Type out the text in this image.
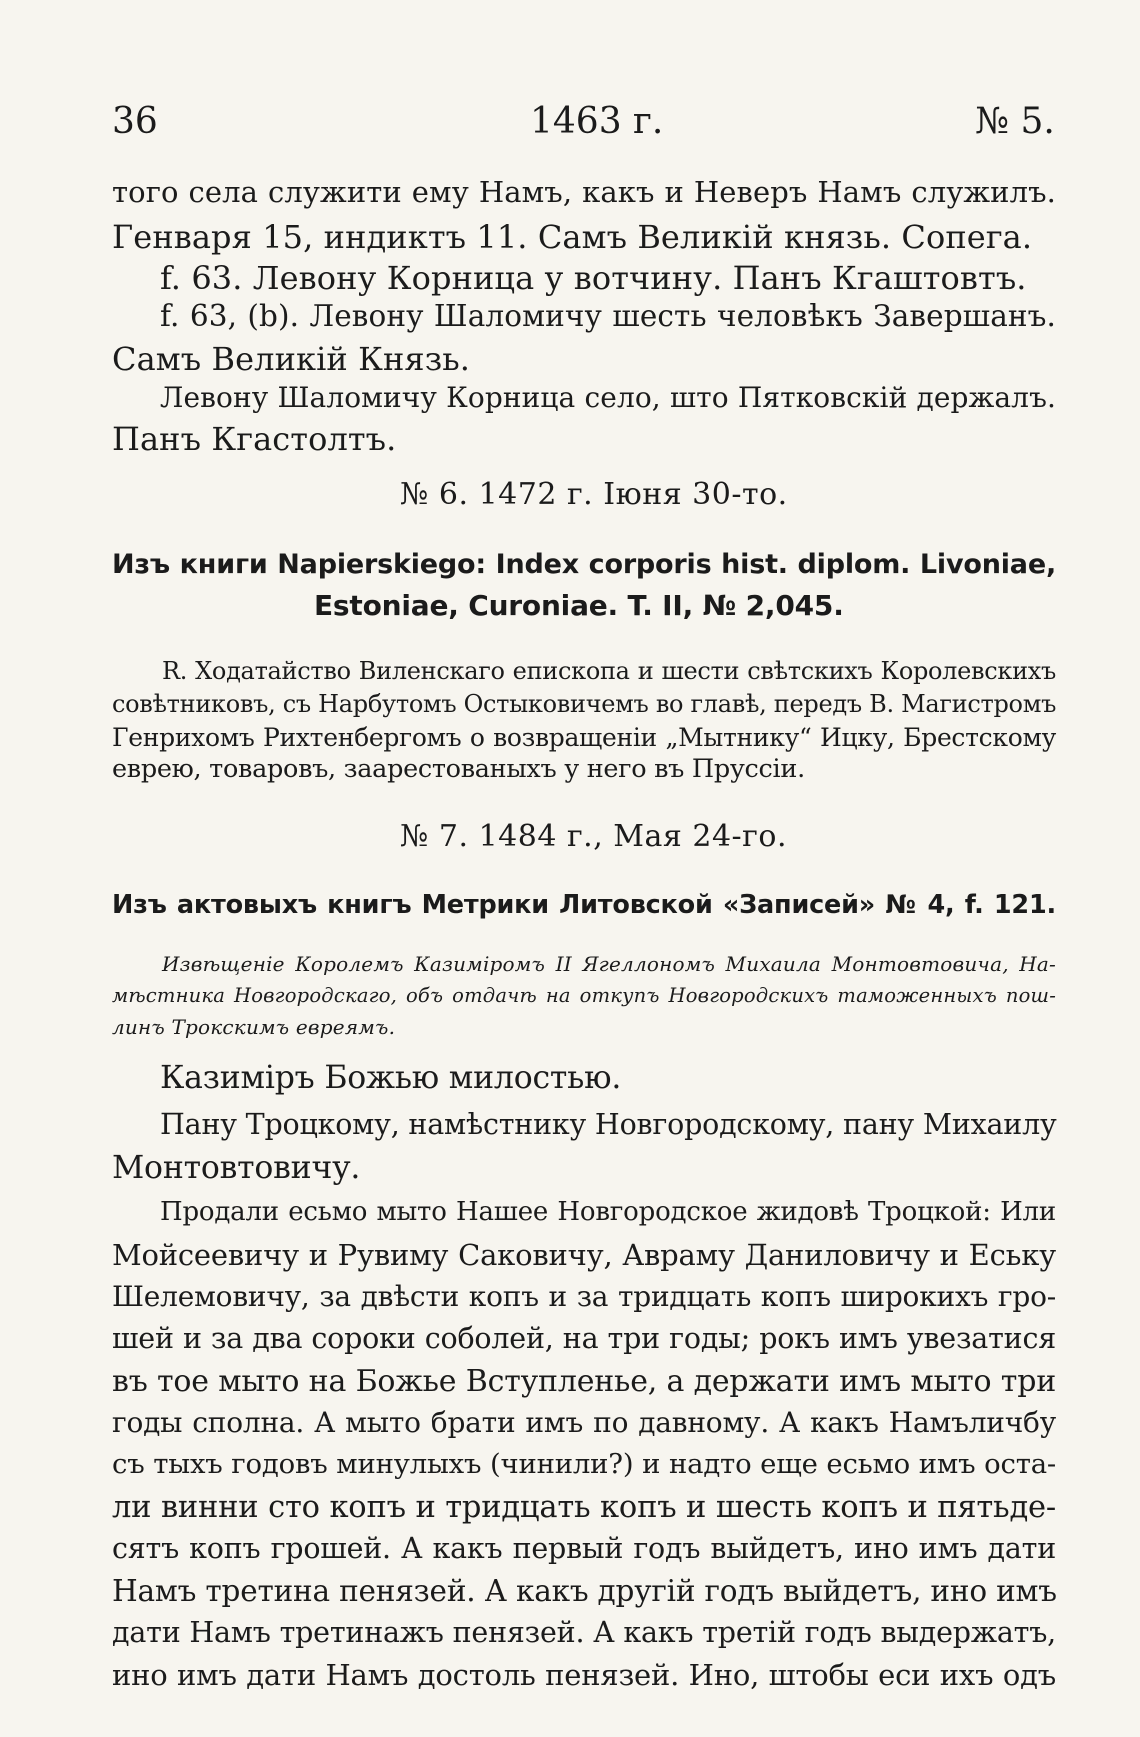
36	1463 г.	№ 5.
того села служити ему Намъ, какъ и Неверъ Намъ служилъ.
Генваря 15, индиктъ 11. Самъ Великій князь. Сопега.
f. 63. Левону Корница у вотчину. Панъ Кгаштовтъ.
f. 63, (b). Левону Шаломичу шесть человѣкъ Завершанъ.
Самъ Великій Князь.
Левону Шаломичу Корница село, што Пятковскій держалъ.
Панъ Кгастолтъ.
№ 6. 1472 г. Іюня 30-то.
Изъ книги Napierskiego: Index corporis hist. diplom. Livoniae,
Estoniae, Curoniae. T. II, № 2,045.
R. Ходатайство Виленскаго епископа и шести свѣтскихъ Королевскихъ
совѣтниковъ, съ Нарбутомъ Остыковичемъ во главѣ, передъ В. Магистромъ
Генрихомъ Рихтенбергомъ о возвращеніи „Мытнику“ Ицку, Брестскому
еврею, товаровъ, заарестованыхъ у него въ Пруссіи.
№ 7. 1484 г., Мая 24-го.
Изъ актовыхъ книгъ Метрики Литовской «Записей» № 4, f. 121.
Извѣщеніе Королемъ Казиміромъ II Ягеллономъ Михаила Монтовтовича, На-
мѣстника Новгородскаго, объ отдачѣ на откупъ Новгородскихъ таможенныхъ пош-
линъ Трокскимъ евреямъ.
Казиміръ Божью милостью.
Пану Троцкому, намѣстнику Новгородскому, пану Михаилу
Монтовтовичу.
Продали есьмо мыто Нашее Новгородское жидовѣ Троцкой: Или
Мойсеевичу и Рувиму Саковичу, Авраму Даниловичу и Еську
Шелемовичу, за двѣсти копъ и за тридцать копъ широкихъ гро-
шей и за два сороки соболей, на три годы; рокъ имъ увезатися
въ тое мыто на Божье Вступленье, а держати имъ мыто три
годы сполна. А мыто брати имъ по давному. А какъ Намъличбу
съ тыхъ годовъ минулыхъ (чинили?) и надто еще есьмо имъ оста-
ли винни сто копъ и тридцать копъ и шесть копъ и пятьде-
сятъ копъ грошей. А какъ первый годъ выйдетъ, ино имъ дати
Намъ третина пенязей. А какъ другій годъ выйдетъ, ино имъ
дати Намъ третинажъ пенязей. А какъ третій годъ выдержатъ,
ино имъ дати Намъ достоль пенязей. Ино, штобы еси ихъ одъ
